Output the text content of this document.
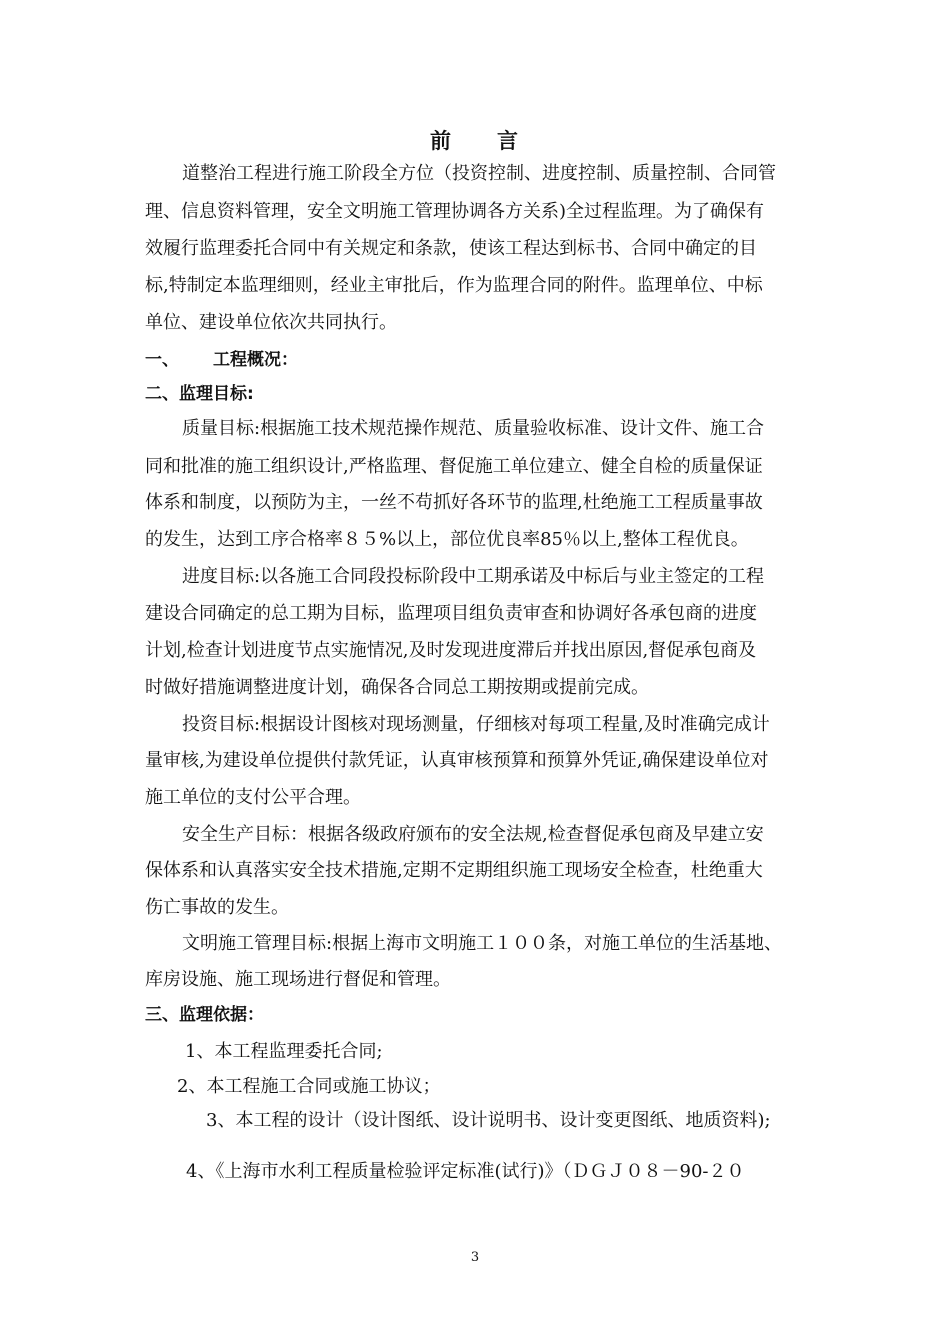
前 言
道整治工程进行施工阶段全方位（投资控制、进度控制、质量控制、合同管
理、信息资料管理，安全文明施工管理协调各方关系)全过程监理。为了确保有
效履行监理委托合同中有关规定和条款，使该工程达到标书、合同中确定的目
标,特制定本监理细则，经业主审批后，作为监理合同的附件。监理单位、中标
单位、建设单位依次共同执行。
一、 工程概况：
二、监理目标:
质量目标:根据施工技术规范操作规范、质量验收标准、设计文件、施工合
同和批准的施工组织设计,严格监理、督促施工单位建立、健全自检的质量保证
体系和制度，以预防为主，一丝不苟抓好各环节的监理,杜绝施工工程质量事故
的发生，达到工序合格率８５%以上，部位优良率85％以上,整体工程优良。
进度目标:以各施工合同段投标阶段中工期承诺及中标后与业主签定的工程
建设合同确定的总工期为目标，监理项目组负责审查和协调好各承包商的进度
计划,检查计划进度节点实施情况,及时发现进度滞后并找出原因,督促承包商及
时做好措施调整进度计划，确保各合同总工期按期或提前完成。
投资目标:根据设计图核对现场测量，仔细核对每项工程量,及时准确完成计
量审核,为建设单位提供付款凭证，认真审核预算和预算外凭证,确保建设单位对
施工单位的支付公平合理。
安全生产目标：根据各级政府颁布的安全法规,检查督促承包商及早建立安
保体系和认真落实安全技术措施,定期不定期组织施工现场安全检查，杜绝重大
伤亡事故的发生。
文明施工管理目标:根据上海市文明施工１００条，对施工单位的生活基地、
库房设施、施工现场进行督促和管理。
三、监理依据：
1、本工程监理委托合同;
2、本工程施工合同或施工协议；
3、本工程的设计（设计图纸、设计说明书、设计变更图纸、地质资料);
4、《上海市水利工程质量检验评定标准(试行)》（ＤＧＪ０８－90-２０
3
